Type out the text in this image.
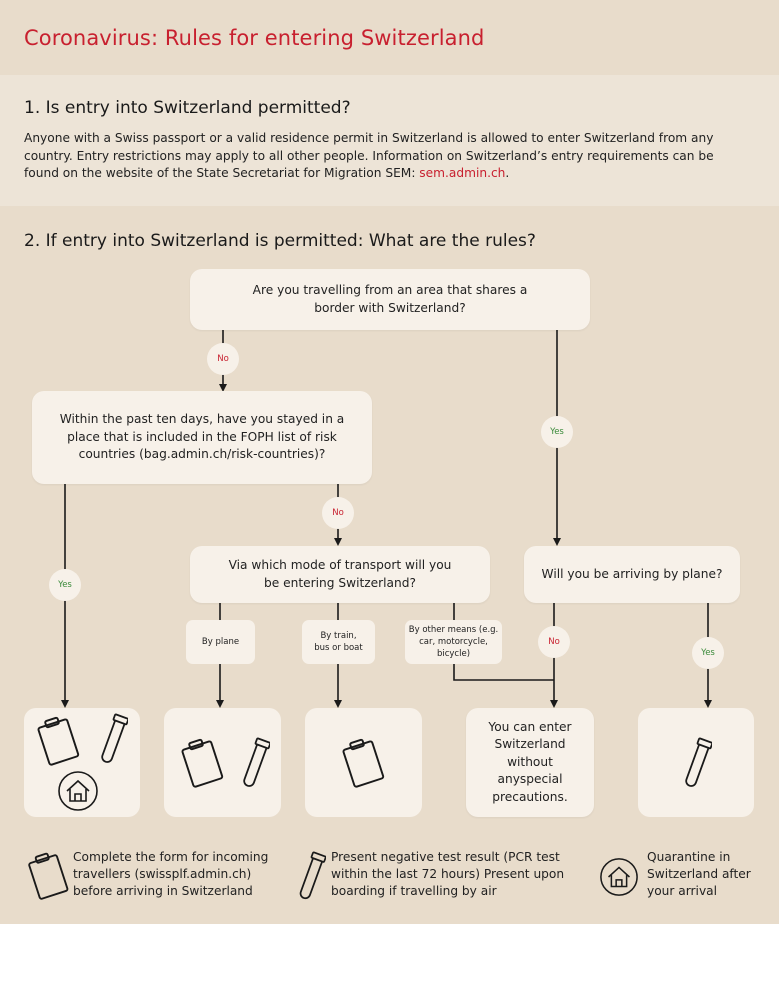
Coronavirus: Rules for entering Switzerland
1. Is entry into Switzerland permitted?
Anyone with a Swiss passport or a valid residence permit in Switzerland is allowed to enter Switzerland from any country. Entry restrictions may apply to all other people. Information on Switzerland’s entry requirements can be found on the website of the State Secretariat for Migration SEM: sem.admin.ch.
2. If entry into Switzerland is permitted: What are the rules?
Are you travelling from an area that shares a border with Switzerland?
Within the past ten days, have you stayed in a place that is included in the FOPH list of risk countries (bag.admin.ch/risk-countries)?
Via which mode of transport will you be entering Switzerland?
Will you be arriving by plane?
No
Yes
No
Yes
No
Yes
By plane
By train, bus or boat
By other means (e.g. car, motorcycle, bicycle)
You can enter Switzerland without anyspecial precautions.
Complete the form for incoming travellers (swissplf.admin.ch) before arriving in Switzerland
Present negative test result (PCR test within the last 72 hours) Present upon boarding if travelling by air
Quarantine in Switzerland after your arrival
